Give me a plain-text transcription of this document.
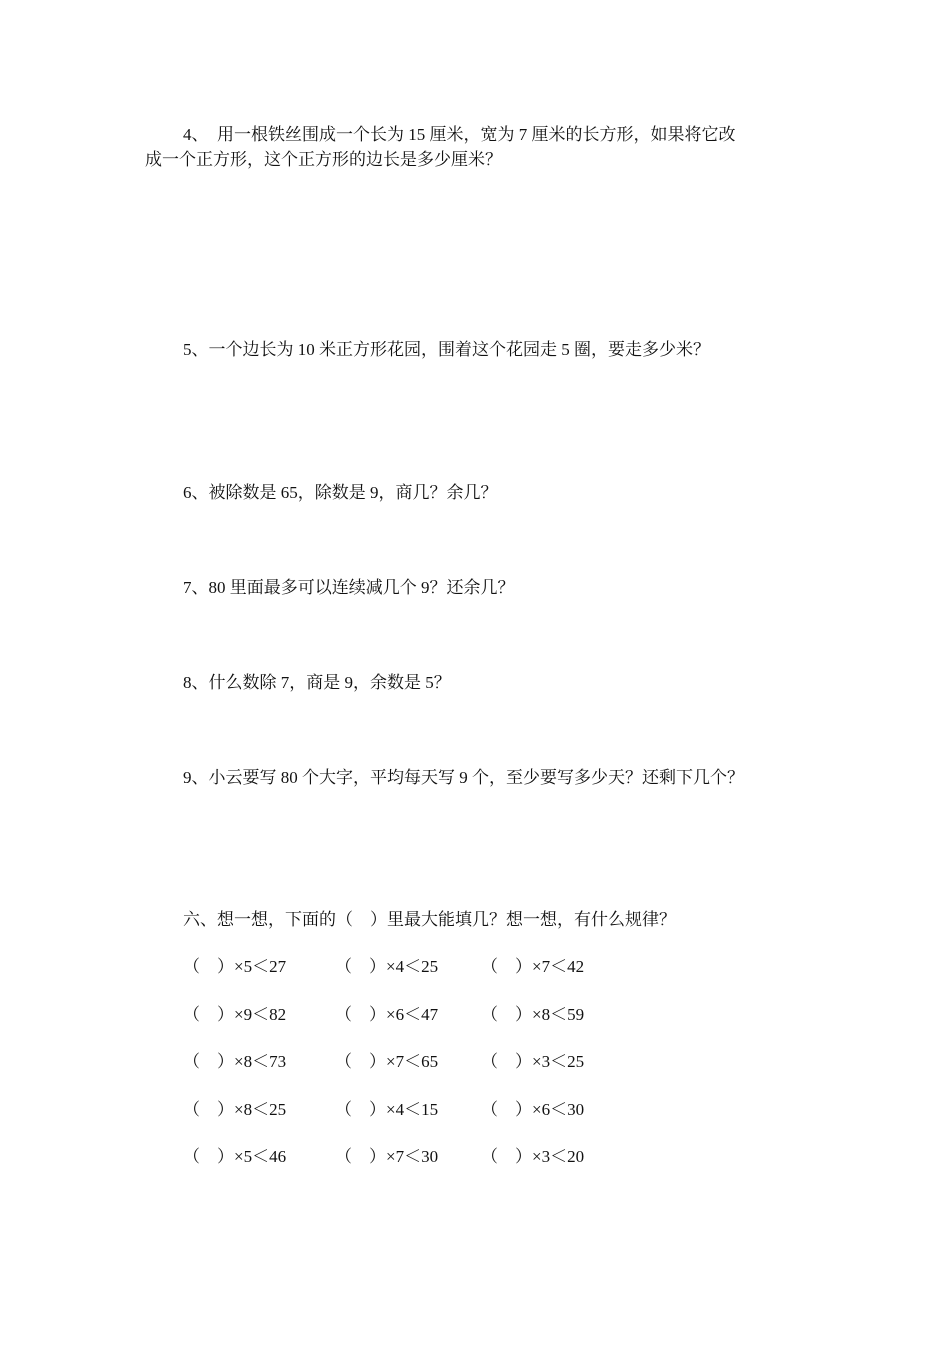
4、　用一根铁丝围成一个长为 15 厘米，宽为 7 厘米的长方形，如果将它改
成一个正方形，这个正方形的边长是多少厘米？
5、一个边长为 10 米正方形花园，围着这个花园走 5 圈，要走多少米？
6、被除数是 65，除数是 9，商几？余几？
7、80 里面最多可以连续减几个 9？还余几？
8、什么数除 7，商是 9，余数是 5？
9、小云要写 80 个大字，平均每天写 9 个，至少要写多少天？还剩下几个？
六、想一想，下面的（　）里最大能填几？想一想，有什么规律？
（　）×5＜27	（　）×4＜25	（　）×7＜42
（　）×9＜82	（　）×6＜47	（　）×8＜59
（　）×8＜73	（　）×7＜65	（　）×3＜25
（　）×8＜25	（　）×4＜15	（　）×6＜30
（　）×5＜46	（　）×7＜30	（　）×3＜20
